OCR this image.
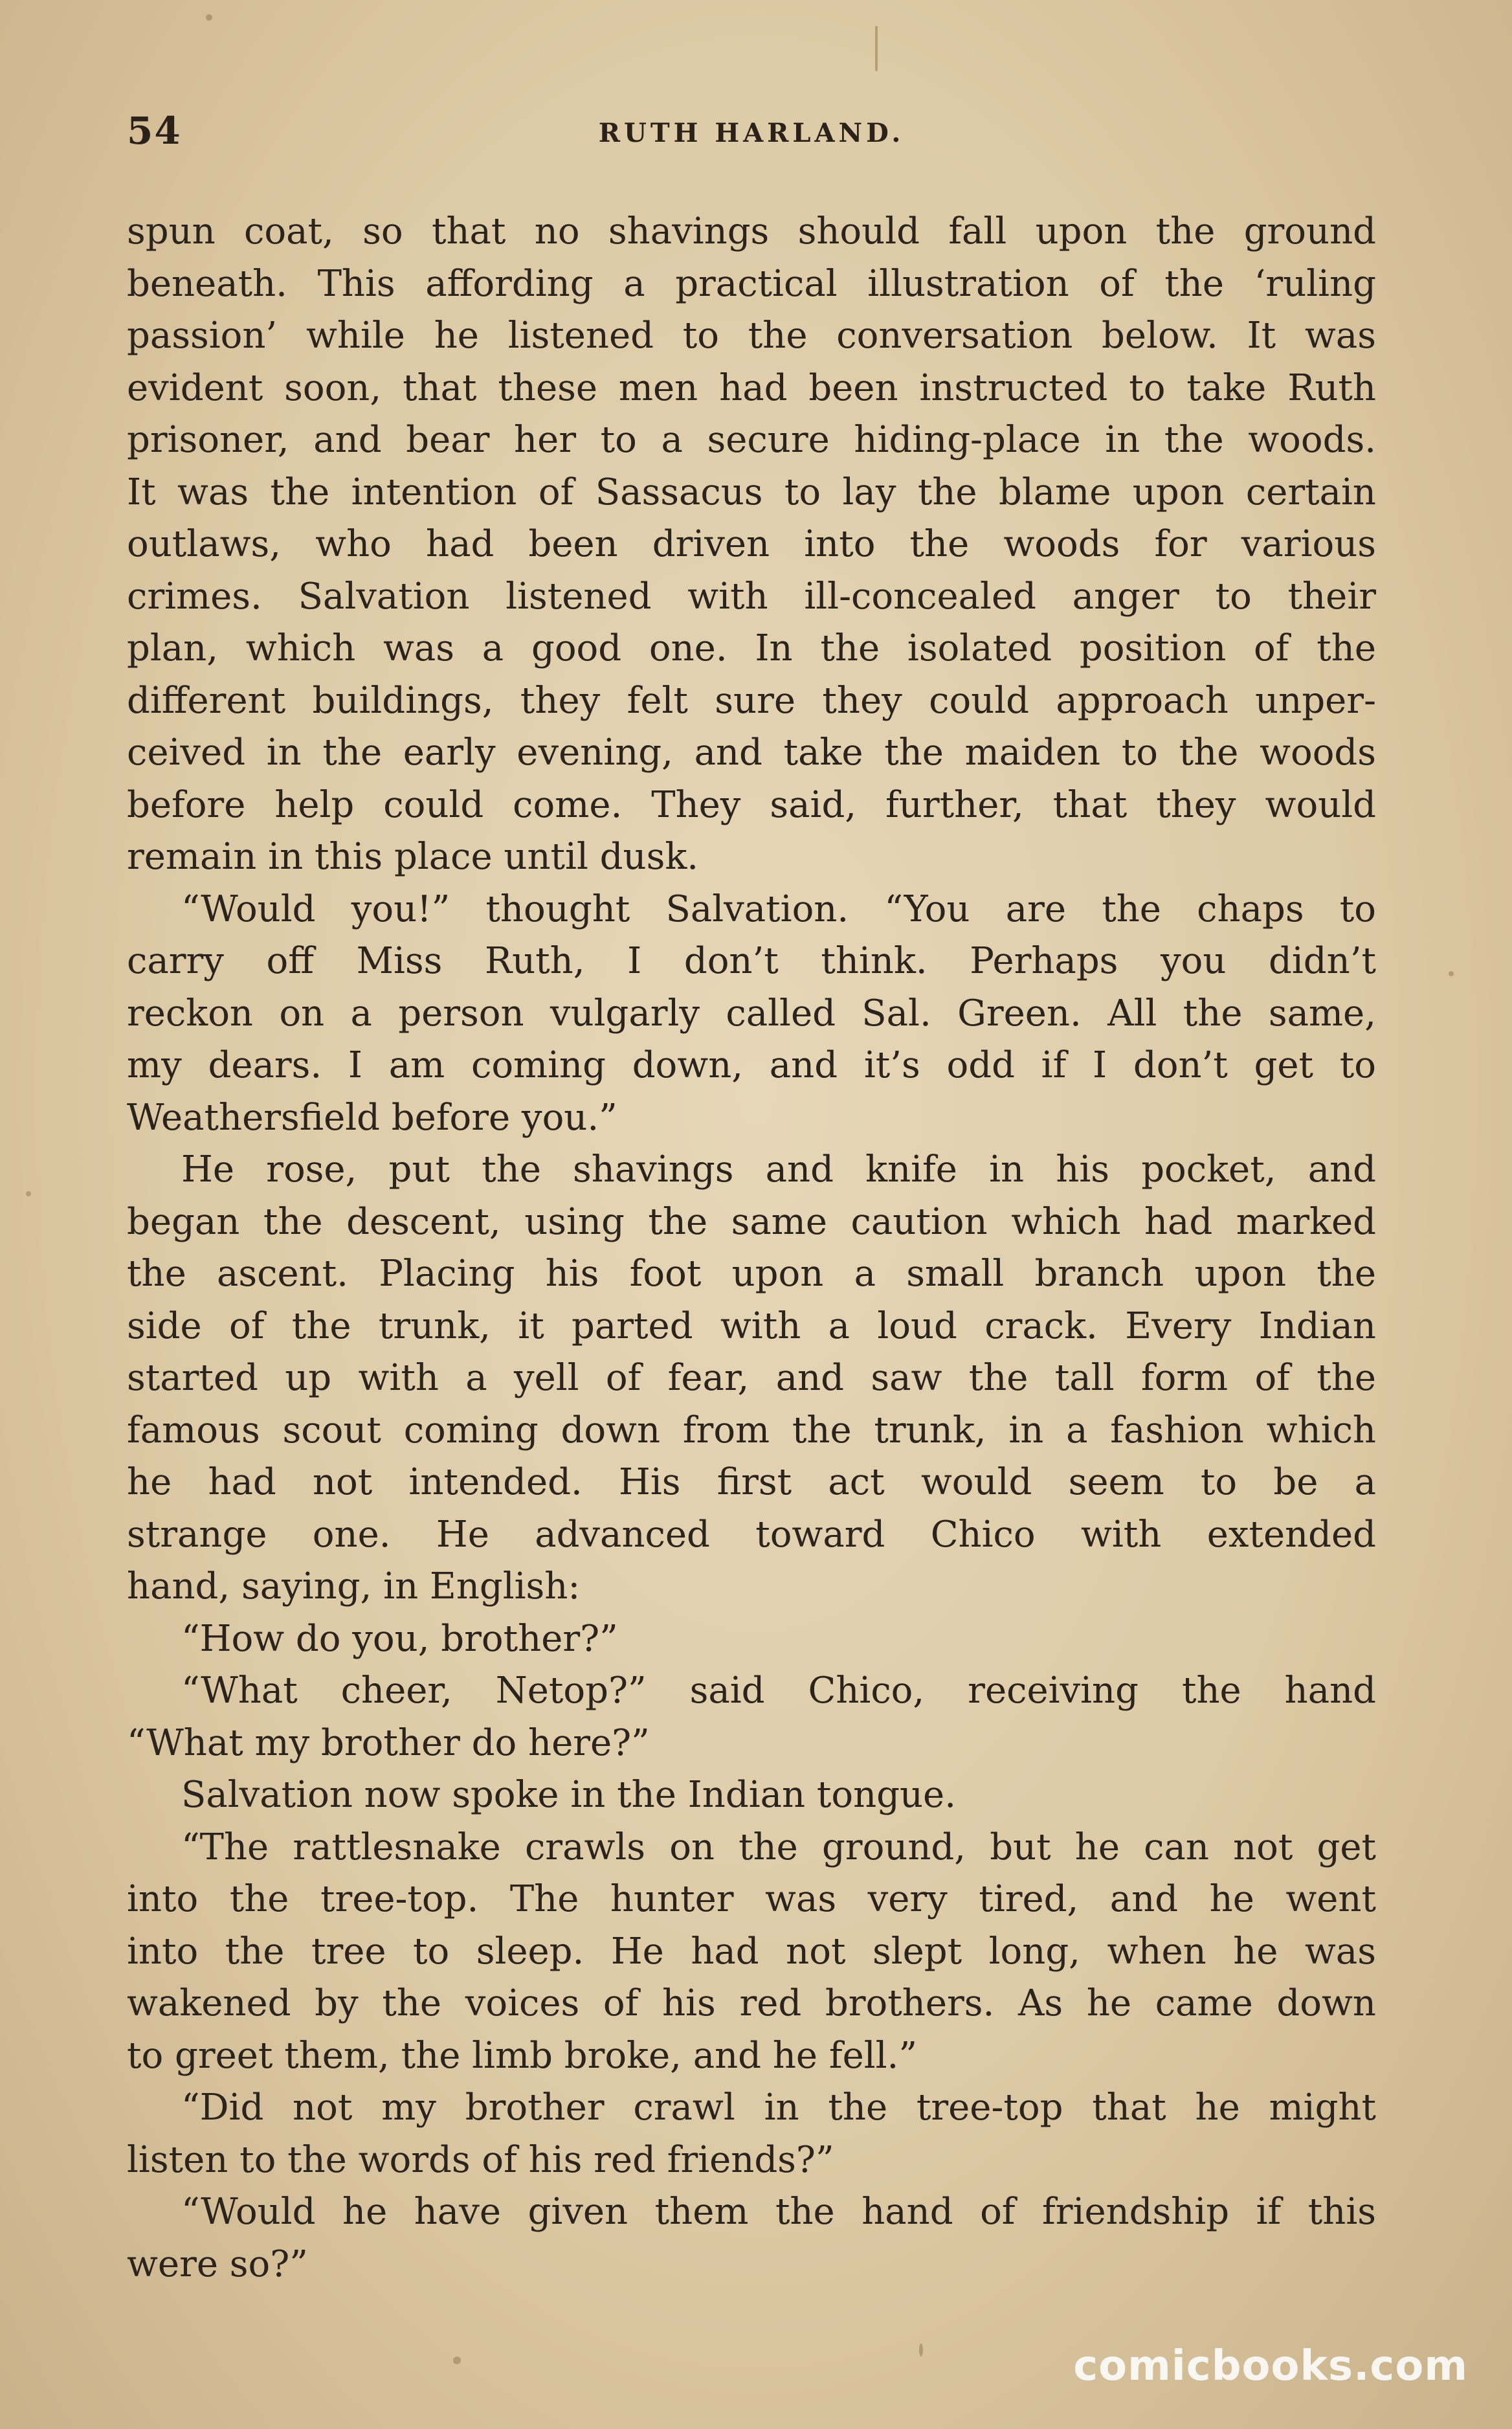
54	RUTH HARLAND.
spun coat, so that no shavings should fall upon the ground
beneath. This affording a practical illustration of the ‘ruling
passion’ while he listened to the conversation below. It was
evident soon, that these men had been instructed to take Ruth
prisoner, and bear her to a secure hiding-place in the woods.
It was the intention of Sassacus to lay the blame upon certain
outlaws, who had been driven into the woods for various
crimes. Salvation listened with ill-concealed anger to their
plan, which was a good one. In the isolated position of the
different buildings, they felt sure they could approach unper-
ceived in the early evening, and take the maiden to the woods
before help could come. They said, further, that they would
remain in this place until dusk.
“Would you!” thought Salvation. “You are the chaps to
carry off Miss Ruth, I don’t think. Perhaps you didn’t
reckon on a person vulgarly called Sal. Green. All the same,
my dears. I am coming down, and it’s odd if I don’t get to
Weathersfield before you.”
He rose, put the shavings and knife in his pocket, and
began the descent, using the same caution which had marked
the ascent. Placing his foot upon a small branch upon the
side of the trunk, it parted with a loud crack. Every Indian
started up with a yell of fear, and saw the tall form of the
famous scout coming down from the trunk, in a fashion which
he had not intended. His first act would seem to be a
strange one. He advanced toward Chico with extended
hand, saying, in English:
“How do you, brother?”
“What cheer, Netop?” said Chico, receiving the hand
“What my brother do here?”
Salvation now spoke in the Indian tongue.
“The rattlesnake crawls on the ground, but he can not get
into the tree-top. The hunter was very tired, and he went
into the tree to sleep. He had not slept long, when he was
wakened by the voices of his red brothers. As he came down
to greet them, the limb broke, and he fell.”
“Did not my brother crawl in the tree-top that he might
listen to the words of his red friends?”
“Would he have given them the hand of friendship if this
were so?”
comicbooks.com
